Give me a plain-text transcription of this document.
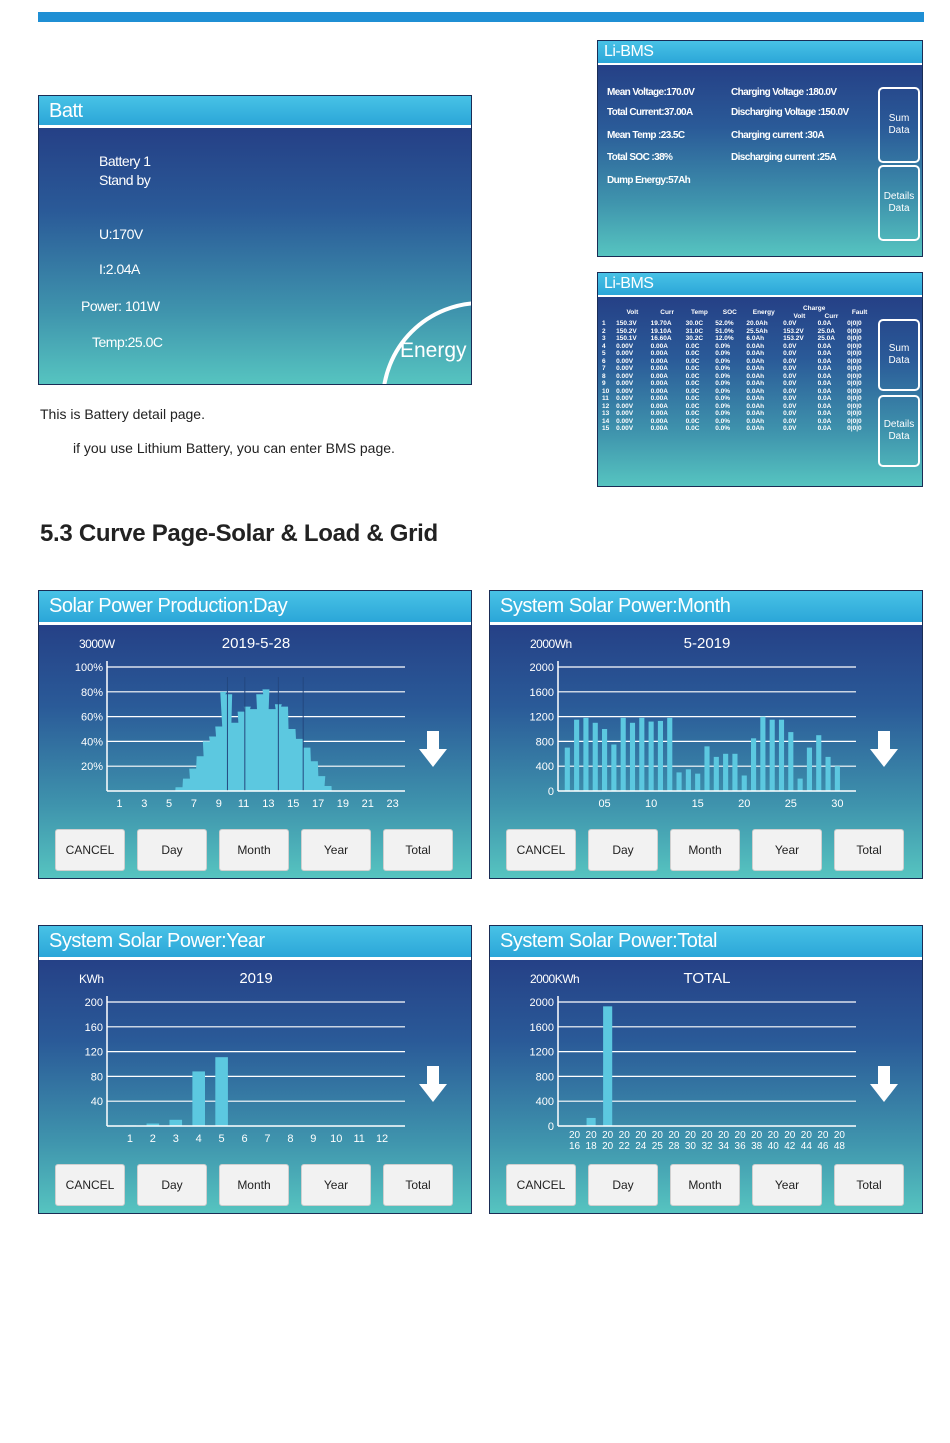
Batt
Battery 1
Stand by
U:170V
I:2.04A
Power: 101W
Temp:25.0C	Energy
This is Battery detail page.
if you use Lithium Battery, you can enter BMS page.
Li-BMS
Mean Voltage:170.0V
Total Current:37.00A
Mean Temp :23.5C
Total SOC :38%
Dump Energy:57Ah
Charging Voltage :180.0V
Discharging Voltage :150.0V
Charging current :30A
Discharging current :25A
Sum Data
Details Data
Li-BMS
	Volt	Curr	Temp	SOC	Energy	Charge		Fault
						Volt	Curr	
1	150.3V	19.70A	30.0C	52.0%	20.0Ah	0.0V	0.0A	0|0|0
2	150.2V	19.10A	31.0C	51.0%	25.5Ah	153.2V	25.0A	0|0|0
3	150.1V	16.60A	30.2C	12.0%	6.0Ah	153.2V	25.0A	0|0|0
4	0.00V	0.00A	0.0C	0.0%	0.0Ah	0.0V	0.0A	0|0|0
5	0.00V	0.00A	0.0C	0.0%	0.0Ah	0.0V	0.0A	0|0|0
6	0.00V	0.00A	0.0C	0.0%	0.0Ah	0.0V	0.0A	0|0|0
7	0.00V	0.00A	0.0C	0.0%	0.0Ah	0.0V	0.0A	0|0|0
8	0.00V	0.00A	0.0C	0.0%	0.0Ah	0.0V	0.0A	0|0|0
9	0.00V	0.00A	0.0C	0.0%	0.0Ah	0.0V	0.0A	0|0|0
10	0.00V	0.00A	0.0C	0.0%	0.0Ah	0.0V	0.0A	0|0|0
11	0.00V	0.00A	0.0C	0.0%	0.0Ah	0.0V	0.0A	0|0|0
12	0.00V	0.00A	0.0C	0.0%	0.0Ah	0.0V	0.0A	0|0|0
13	0.00V	0.00A	0.0C	0.0%	0.0Ah	0.0V	0.0A	0|0|0
14	0.00V	0.00A	0.0C	0.0%	0.0Ah	0.0V	0.0A	0|0|0
15	0.00V	0.00A	0.0C	0.0%	0.0Ah	0.0V	0.0A	0|0|0
Sum Data
Details Data
5.3 Curve Page-Solar & Load & Grid
Solar Power Production:Day
3000W	2019-5-28
100%
80%
60%
40%
20%
1 3 5 7 9 11 13 15 17 19 21 23
CANCEL	Day	Month	Year	Total
System Solar Power:Month
2000Wh	5-2019
2000
1600
1200
800
400
0
05	10	15	20	25	30
CANCEL	Day	Month	Year	Total
System Solar Power:Year
KWh	2019
200
160
120
80
40
1 2 3 4 5 6 7 8 9 10 11 12
CANCEL	Day	Month	Year	Total
System Solar Power:Total
2000KWh	TOTAL
2000
1600
1200
800
400
0
20 16
20 18
20 20
20 22
20 24
20 25
20 28
20 30
20 32
20 34
20 36
20 38
20 40
20 42
20 44
20 46
20 48
CANCEL	Day	Month	Year	Total
